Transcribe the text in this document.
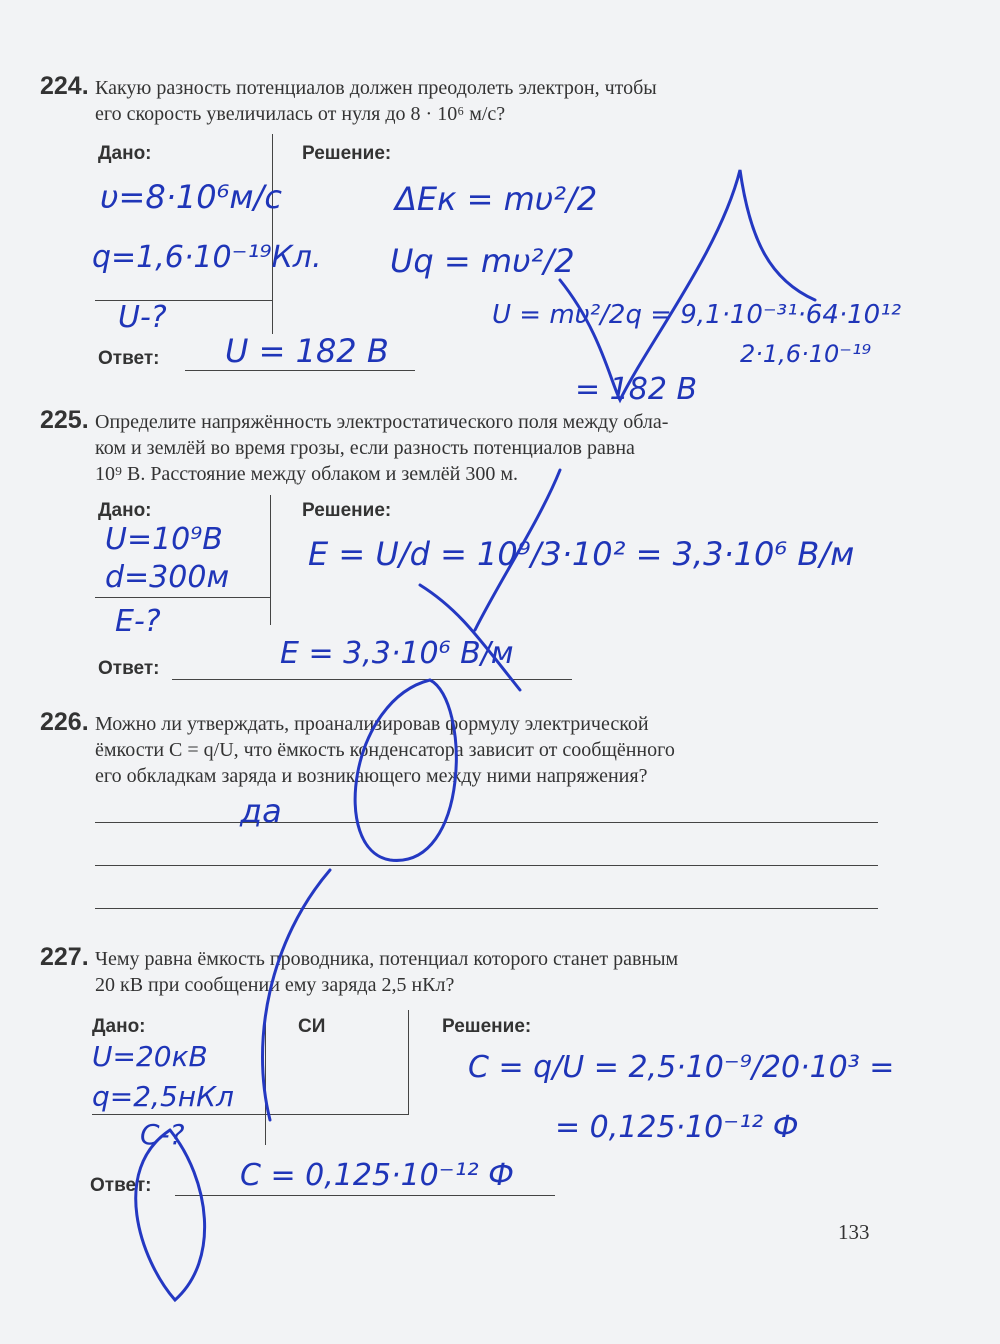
224. Какую разность потенциалов должен преодолеть электрон, чтобы
его скорость увеличилась от нуля до 8 · 10⁶ м/с?
Дано:	Решение:
Ответ:
υ=8·10⁶м/с
q=1,6·10⁻¹⁹Кл.
U-?
ΔEк = mυ²/2
Uq = mυ²/2
U = mυ²/2q = 9,1·10⁻³¹·64·10¹²
2·1,6·10⁻¹⁹
= 182 В
U = 182 В
225. Определите напряжённость электростатического поля между обла-
ком и землёй во время грозы, если разность потенциалов равна
10⁹ В. Расстояние между облаком и землёй 300 м.
Дано:	Решение:
Ответ:
U=10⁹В
d=300м
E-?
E = U/d = 10⁹/3·10² = 3,3·10⁶ В/м
E = 3,3·10⁶ В/м
226. Можно ли утверждать, проанализировав формулу электрической
ёмкости C = q/U, что ёмкость конденсатора зависит от сообщённого
его обкладкам заряда и возникающего между ними напряжения?
да
227. Чему равна ёмкость проводника, потенциал которого станет равным
20 кВ при сообщении ему заряда 2,5 нКл?
Дано:	СИ	Решение:
Ответ:
U=20кВ
q=2,5нКл
C-?
C = q/U = 2,5·10⁻⁹/20·10³ =
= 0,125·10⁻¹² Ф
C = 0,125·10⁻¹² Ф
133
